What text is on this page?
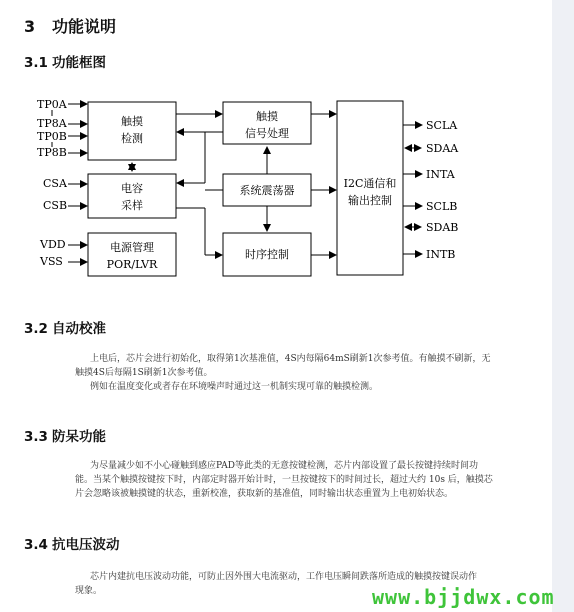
3 功能说明
3.1 功能框图
TP0A
TP8A
TP0B
TP8B
CSA
CSB
VDD
VSS
触摸
检测
电容
采样
电源管理
POR/LVR
触摸
信号处理
系统震荡器
时序控制
I2C通信和
输出控制
SCLA
SDAA
INTA
SCLB
SDAB
INTB
3.2 自动校准
上电后，芯片会进行初始化，取得第1次基准值，4S内每隔64mS刷新1次参考值。有触摸不刷新，无
触摸4S后每隔1S刷新1次参考值。
例如在温度变化或者存在环境噪声时通过这一机制实现可靠的触摸检测。
3.3 防呆功能
为尽量减少如不小心碰触到感应PAD等此类的无意按键检测，芯片内部设置了最长按键持续时间功
能。当某个触摸按键按下时，内部定时器开始计时，一旦按键按下的时间过长，超过大约 10s 后，触摸芯
片会忽略该被触摸键的状态，重新校准，获取新的基准值，同时输出状态重置为上电初始状态。
3.4 抗电压波动
芯片内建抗电压波动功能，可防止因外围大电流驱动，工作电压瞬间跌落所造成的触摸按键误动作
现象。	www.bjjdwx.com
